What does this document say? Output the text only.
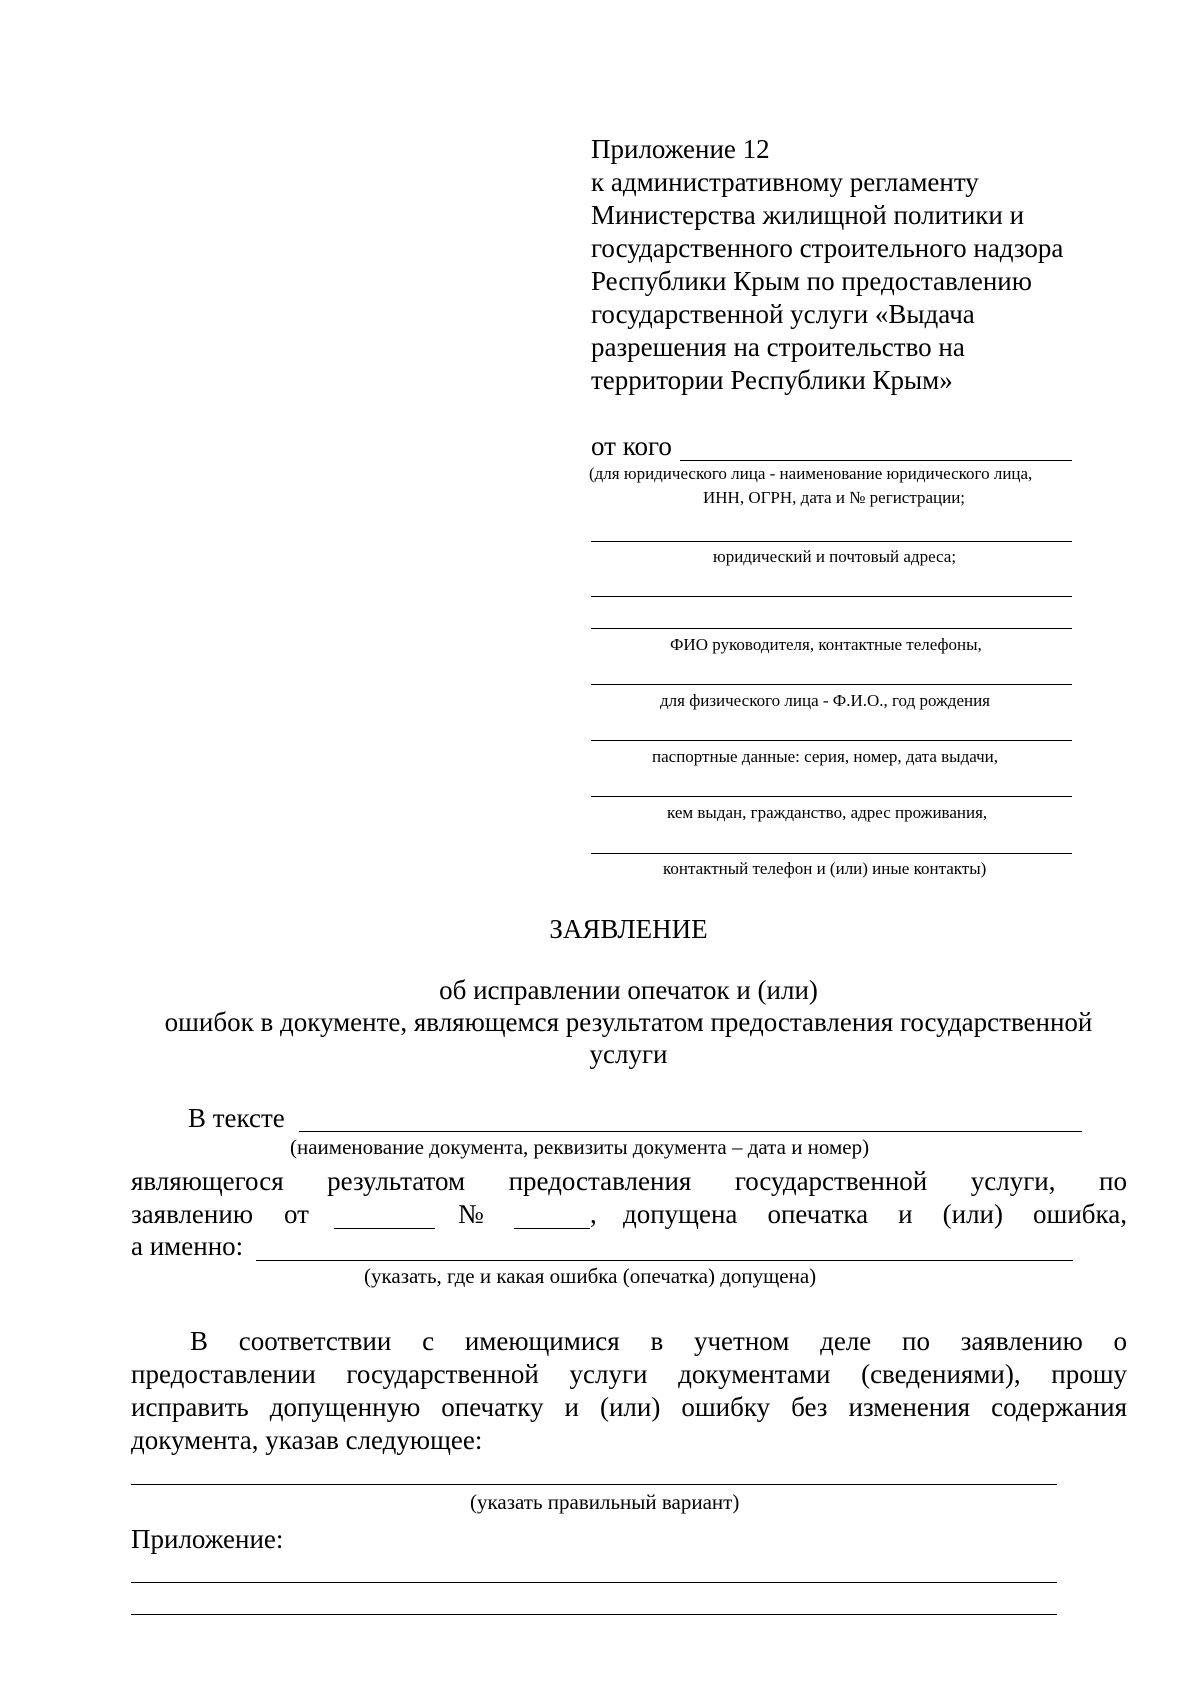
Приложение 12
к административному регламенту
Министерства жилищной политики и
государственного строительного надзора
Республики Крым по предоставлению
государственной услуги «Выдача
разрешения на строительство на
территории Республики Крым»
от кого
(для юридического лица - наименование юридического лица,
ИНН, ОГРН, дата и № регистрации;
юридический и почтовый адреса;
ФИО руководителя, контактные телефоны,
для физического лица - Ф.И.О., год рождения
паспортные данные: серия, номер, дата выдачи,
кем выдан, гражданство, адрес проживания,
контактный телефон и (или) иные контакты)
ЗАЯВЛЕНИЕ
об исправлении опечаток и (или)
ошибок в документе, являющемся результатом предоставления государственной
услуги
В тексте
(наименование документа, реквизиты документа – дата и номер)
являющегося результатом предоставления государственной услуги, по
заявлению от	№	, допущена опечатка и (или) ошибка,
а именно:
(указать, где и какая ошибка (опечатка) допущена)
В соответствии с имеющимися в учетном деле по заявлению о
предоставлении государственной услуги документами (сведениями), прошу
исправить допущенную опечатку и (или) ошибку без изменения содержания
документа, указав следующее:
(указать правильный вариант)
Приложение:
